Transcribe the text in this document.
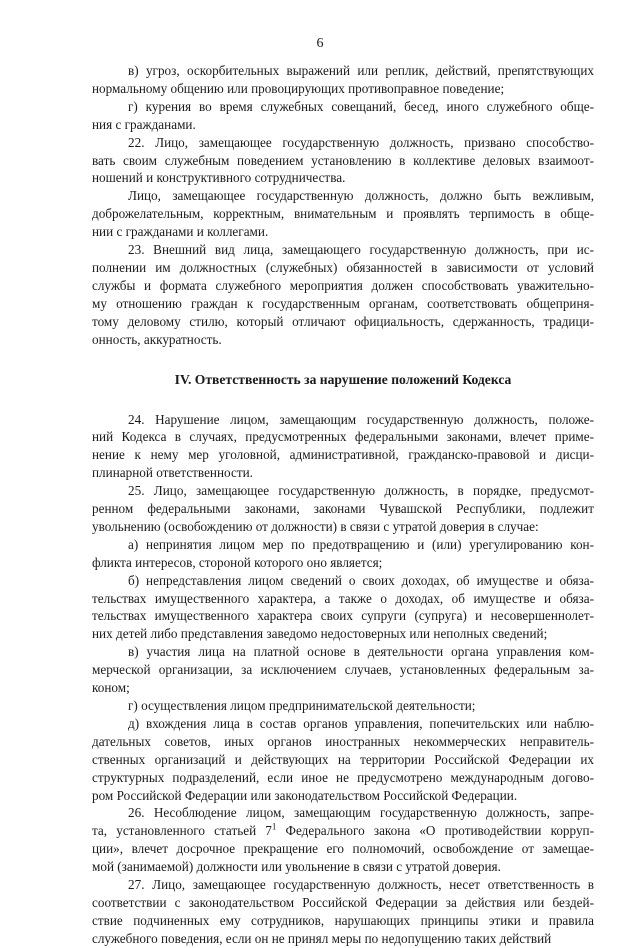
6
в) угроз, оскорбительных выражений или реплик, действий, препятствующих
нормальному общению или провоцирующих противоправное поведение;
г) курения во время служебных совещаний, бесед, иного служебного обще-
ния с гражданами.
22. Лицо, замещающее государственную должность, призвано способство-
вать своим служебным поведением установлению в коллективе деловых взаимоот-
ношений и конструктивного сотрудничества.
Лицо, замещающее государственную должность, должно быть вежливым,
доброжелательным, корректным, внимательным и проявлять терпимость в обще-
нии с гражданами и коллегами.
23. Внешний вид лица, замещающего государственную должность, при ис-
полнении им должностных (служебных) обязанностей в зависимости от условий
службы и формата служебного мероприятия должен способствовать уважительно-
му отношению граждан к государственным органам, соответствовать общеприня-
тому деловому стилю, который отличают официальность, сдержанность, традици-
онность, аккуратность.
IV. Ответственность за нарушение положений Кодекса
24. Нарушение лицом, замещающим государственную должность, положе-
ний Кодекса в случаях, предусмотренных федеральными законами, влечет приме-
нение к нему мер уголовной, административной, гражданско-правовой и дисци-
плинарной ответственности.
25. Лицо, замещающее государственную должность, в порядке, предусмот-
ренном федеральными законами, законами Чувашской Республики, подлежит
увольнению (освобождению от должности) в связи с утратой доверия в случае:
а) непринятия лицом мер по предотвращению и (или) урегулированию кон-
фликта интересов, стороной которого оно является;
б) непредставления лицом сведений о своих доходах, об имуществе и обяза-
тельствах имущественного характера, а также о доходах, об имуществе и обяза-
тельствах имущественного характера своих супруги (супруга) и несовершеннолет-
них детей либо представления заведомо недостоверных или неполных сведений;
в) участия лица на платной основе в деятельности органа управления ком-
мерческой организации, за исключением случаев, установленных федеральным за-
коном;
г) осуществления лицом предпринимательской деятельности;
д) вхождения лица в состав органов управления, попечительских или наблю-
дательных советов, иных органов иностранных некоммерческих неправитель-
ственных организаций и действующих на территории Российской Федерации их
структурных подразделений, если иное не предусмотрено международным догово-
ром Российской Федерации или законодательством Российской Федерации.
26. Несоблюдение лицом, замещающим государственную должность, запре-
та, установленного статьей $7^1$ Федерального закона «О противодействии корруп-
ции», влечет досрочное прекращение его полномочий, освобождение от замещае-
мой (занимаемой) должности или увольнение в связи с утратой доверия.
27. Лицо, замещающее государственную должность, несет ответственность в
соответствии с законодательством Российской Федерации за действия или бездей-
ствие подчиненных ему сотрудников, нарушающих принципы этики и правила
служебного поведения, если он не принял меры по недопущению таких действий
